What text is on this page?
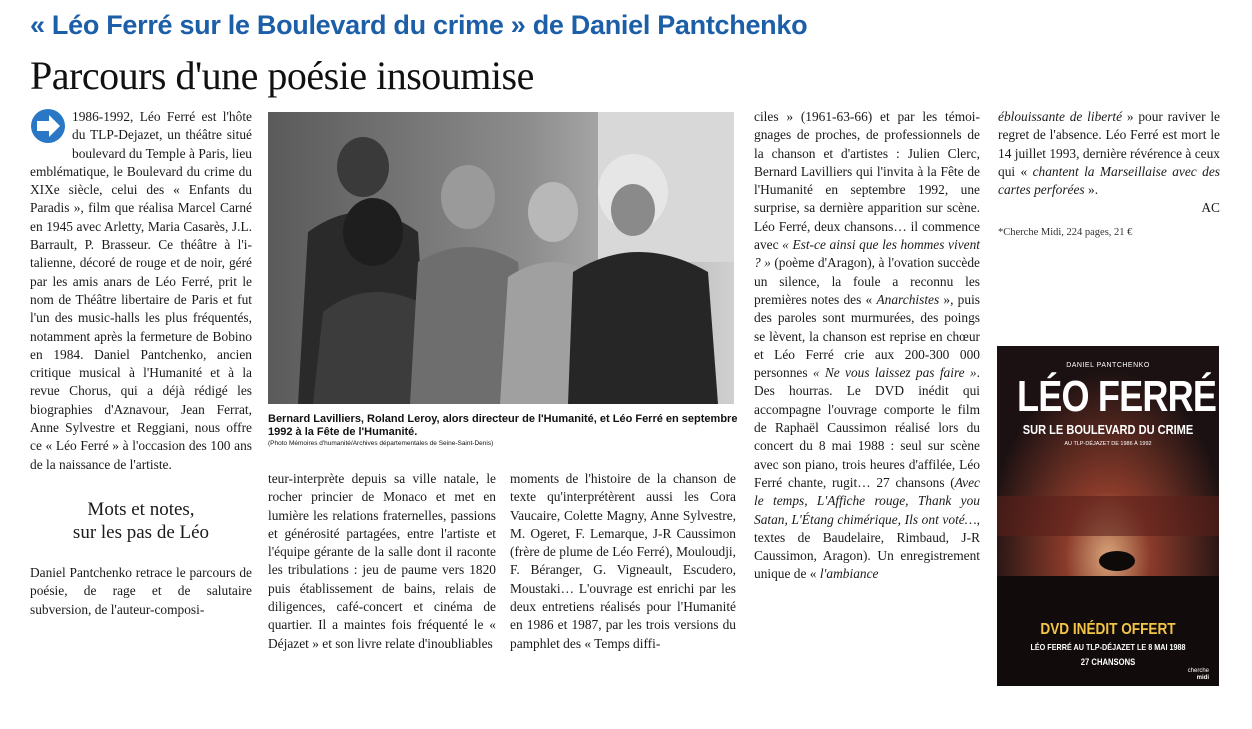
« Léo Ferré sur le Boulevard du crime » de Daniel Pantchenko
Parcours d'une poésie insoumise

1986-1992, Léo Ferré est l'hôte du TLP-Dejazet, un théâtre situé boulevard du Temple à Paris, lieu emblématique, le Boulevard du crime du XIXe siècle, celui des « Enfants du Paradis », film que réalisa Marcel Carné en 1945 avec Arletty, Maria Casarès, J.L. Barrault, P. Brasseur. Ce théâtre à l'italienne, décoré de rouge et de noir, géré par les amis anars de Léo Ferré, prit le nom de Théâtre libertaire de Paris et fut l'un des music-halls les plus fréquentés, notamment après la fermeture de Bobino en 1984. Daniel Pantchenko, ancien critique musical à l'Humanité et à la revue Chorus, qui a déjà rédigé les biographies d'Aznavour, Jean Ferrat, Anne Sylvestre et Reggiani, nous offre ce « Léo Ferré » à l'occasion des 100 ans de la naissance de l'artiste.

Mots et notes,
sur les pas de Léo

Daniel Pantchenko retrace le parcours de poésie, de rage et de salutaire subversion, de l'auteur-composi-

Bernard Lavilliers, Roland Leroy, alors directeur de l'Humanité, et Léo Ferré en septembre 1992 à la Fête de l'Humanité.
(Photo Mémoires d'humanité/Archives départementales de Seine-Saint-Denis)

teur-interprète depuis sa ville natale, le rocher princier de Monaco et met en lumière les relations fraternelles, passions et générosité partagées, entre l'artiste et l'équipe gérante de la salle dont il raconte les tribulations : jeu de paume vers 1820 puis établissement de bains, relais de diligences, café-concert et cinéma de quartier. Il a maintes fois fréquenté le « Déjazet » et son livre relate d'inoubliables

moments de l'histoire de la chanson de texte qu'interprétèrent aussi les Cora Vaucaire, Colette Magny, Anne Sylvestre, M. Ogeret, F. Lemarque, J-R Caussimon (frère de plume de Léo Ferré), Mouloudji, F. Béranger, G. Vigneault, Escudero, Moustaki… L'ouvrage est enrichi par les deux entretiens réalisés pour l'Humanité en 1986 et 1987, par les trois versions du pamphlet des « Temps diffi-

ciles » (1961-63-66) et par les témoignages de proches, de professionnels de la chanson et d'artistes : Julien Clerc, Bernard Lavilliers qui l'invita à la Fête de l'Humanité en septembre 1992, une surprise, sa dernière apparition sur scène. Léo Ferré, deux chansons… il commence avec « Est-ce ainsi que les hommes vivent ? » (poème d'Aragon), à l'ovation succède un silence, la foule a reconnu les premières notes des « Anarchistes », puis des paroles sont murmurées, des poings se lèvent, la chanson est reprise en chœur et Léo Ferré crie aux 200-300 000 personnes « Ne vous laissez pas faire ». Des hourras. Le DVD inédit qui accompagne l'ouvrage comporte le film de Raphaël Caussimon réalisé lors du concert du 8 mai 1988 : seul sur scène avec son piano, trois heures d'affilée, Léo Ferré chante, rugit… 27 chansons (Avec le temps, L'Affiche rouge, Thank you Satan, L'Étang chimérique, Ils ont voté…, textes de Baudelaire, Rimbaud, J-R Caussimon, Aragon). Un enregistrement unique de « l'ambiance

éblouissante de liberté » pour raviver le regret de l'absence. Léo Ferré est mort le 14 juillet 1993, dernière révérence à ceux qui « chantent la Marseillaise avec des cartes perforées ».

AC

*Cherche Midi, 224 pages, 21 €

DANIEL PANTCHENKO
LÉO FERRÉ
SUR LE BOULEVARD DU CRIME
AU TLP-DÉJAZET DE 1986 À 1992
DVD INÉDIT OFFERT
LÉO FERRÉ AU TLP-DÉJAZET LE 8 MAI 1988
27 CHANSONS
cherche
midi
